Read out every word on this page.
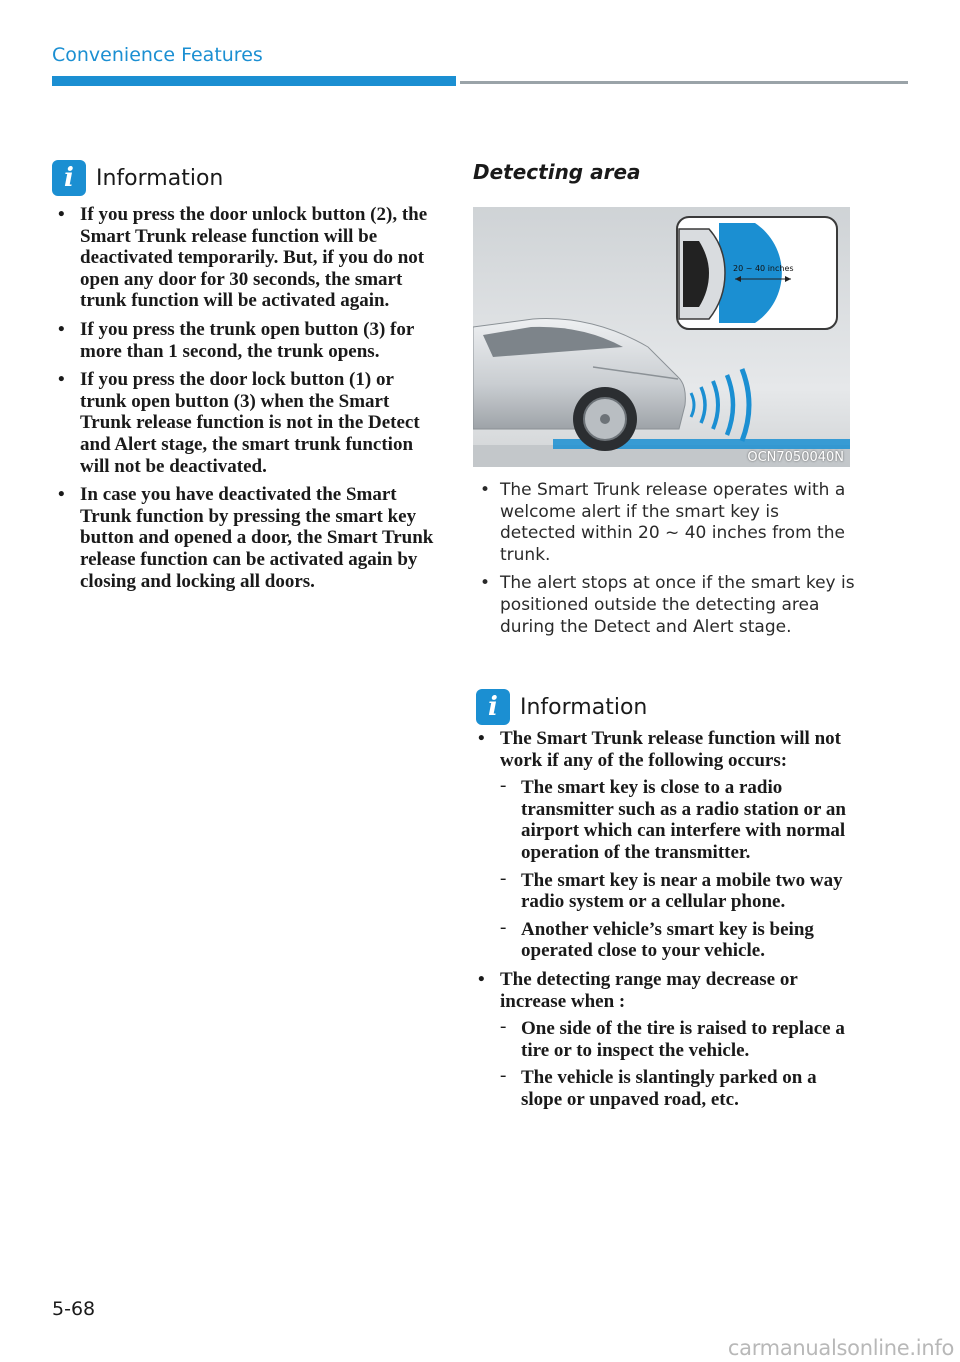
Convenience Features
i	Information
• If you press the door unlock button (2), the Smart Trunk release function will be deactivated temporarily. But, if you do not open any door for 30 seconds, the smart trunk function will be activated again.
• If you press the trunk open button (3) for more than 1 second, the trunk opens.
• If you press the door lock button (1) or trunk open button (3) when the Smart Trunk release function is not in the Detect and Alert stage, the smart trunk function will not be deactivated.
• In case you have deactivated the Smart Trunk function by pressing the smart key button and opened a door, the Smart Trunk release function can be activated again by closing and locking all doors.
Detecting area
20 ~ 40 inches
OCN7050040N
• The Smart Trunk release operates with a welcome alert if the smart key is detected within 20 ~ 40 inches from the trunk.
• The alert stops at once if the smart key is positioned outside the detecting area during the Detect and Alert stage.
i	Information
• The Smart Trunk release function will not work if any of the following occurs:
- The smart key is close to a radio transmitter such as a radio station or an airport which can interfere with normal operation of the transmitter.
- The smart key is near a mobile two way radio system or a cellular phone.
- Another vehicle’s smart key is being operated close to your vehicle.
• The detecting range may decrease or increase when :
- One side of the tire is raised to replace a tire or to inspect the vehicle.
- The vehicle is slantingly parked on a slope or unpaved road, etc.
5-68
carmanualsonline.info
